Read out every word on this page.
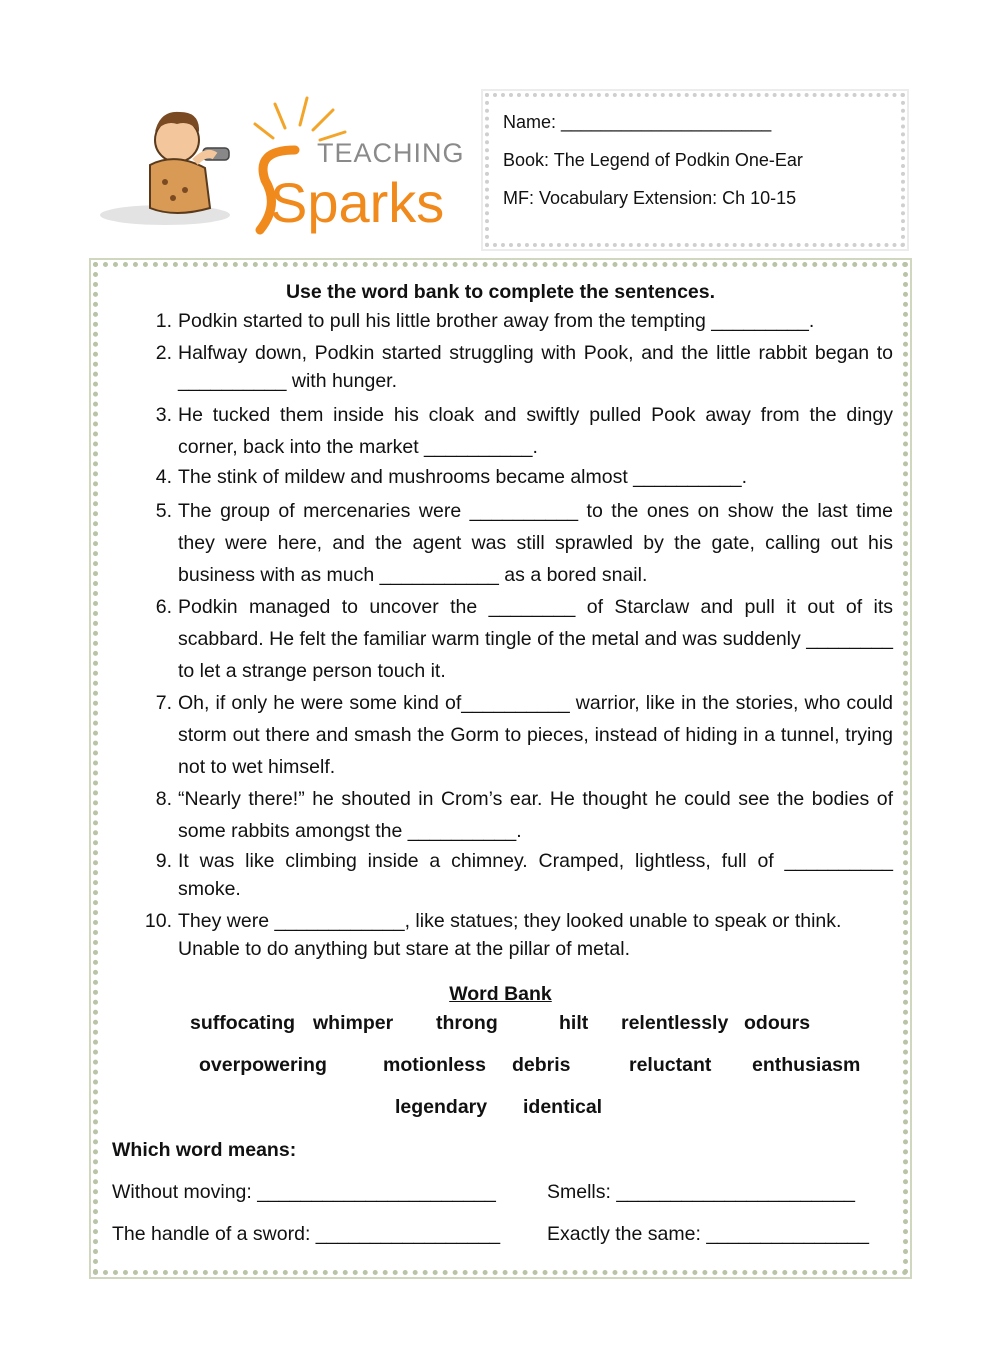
TEACHING
Sparks
Name: _____________________
Book: The Legend of Podkin One-Ear
MF: Vocabulary Extension: Ch 10-15
Use the word bank to complete the sentences.
1. Podkin started to pull his little brother away from the tempting _________.
2. Halfway down, Podkin started struggling with Pook, and the little rabbit began to __________ with hunger.
3. He tucked them inside his cloak and swiftly pulled Pook away from the dingy corner, back into the market __________.
4. The stink of mildew and mushrooms became almost __________.
5. The group of mercenaries were __________ to the ones on show the last time they were here, and the agent was still sprawled by the gate, calling out his business with as much ___________ as a bored snail.
6. Podkin managed to uncover the ________ of Starclaw and pull it out of its scabbard. He felt the familiar warm tingle of the metal and was suddenly ________ to let a strange person touch it.
7. Oh, if only he were some kind of__________ warrior, like in the stories, who could storm out there and smash the Gorm to pieces, instead of hiding in a tunnel, trying not to wet himself.
8. “Nearly there!” he shouted in Crom’s ear. He thought he could see the bodies of some rabbits amongst the __________.
9. It was like climbing inside a chimney. Cramped, lightless, full of __________ smoke.
10. They were ____________, like statues; they looked unable to speak or think. Unable to do anything but stare at the pillar of metal.
Word Bank
suffocating whimper throng	hilt relentlessly odours
overpowering	motionless debris	reluctant enthusiasm
legendary identical
Which word means:
Without moving: ______________________	Smells: ______________________
The handle of a sword: _________________ Exactly the same: _______________
